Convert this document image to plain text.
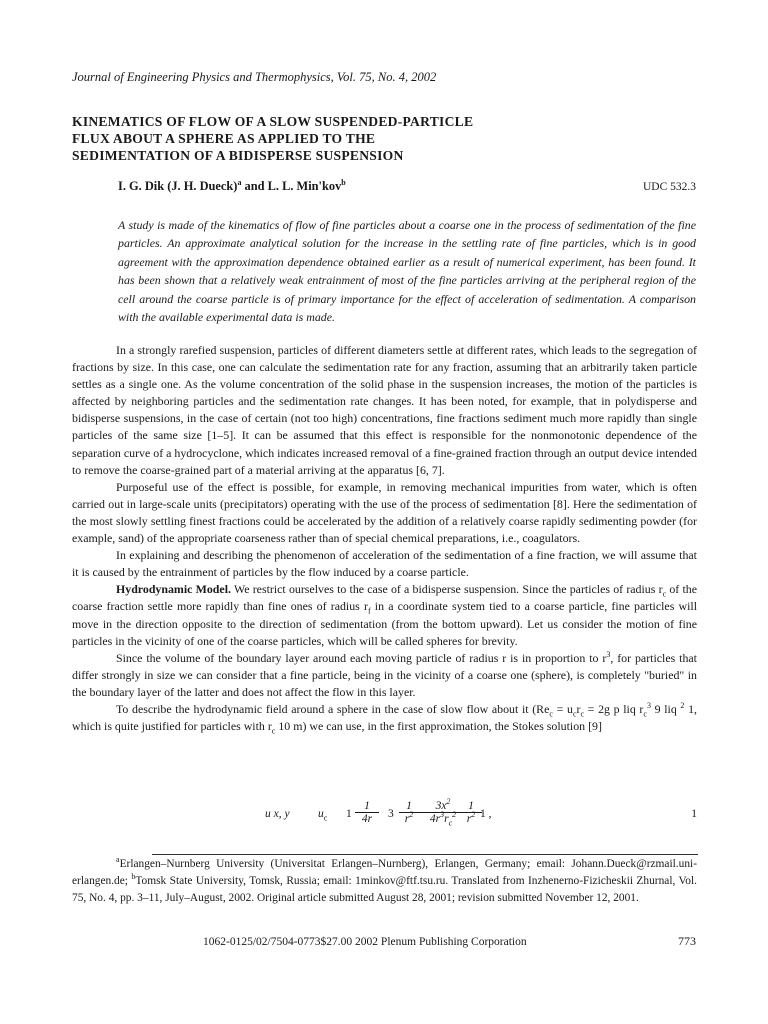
Journal of Engineering Physics and Thermophysics, Vol. 75, No. 4, 2002
KINEMATICS OF FLOW OF A SLOW SUSPENDED-PARTICLE
FLUX ABOUT A SPHERE AS APPLIED TO THE
SEDIMENTATION OF A BIDISPERSE SUSPENSION
I. G. Dik (J. H. Dueck)$^a$ and L. L. Min'kov$^b$	UDC 532.3
A study is made of the kinematics of flow of fine particles about a coarse one in the process of sedimentation of the fine particles. An approximate analytical solution for the increase in the settling rate of fine particles, which is in good agreement with the approximation dependence obtained earlier as a result of numerical experiment, has been found. It has been shown that a relatively weak entrainment of most of the fine particles arriving at the peripheral region of the cell around the coarse particle is of primary importance for the effect of acceleration of sedimentation. A comparison with the available experimental data is made.

In a strongly rarefied suspension, particles of different diameters settle at different rates, which leads to the segregation of fractions by size. In this case, one can calculate the sedimentation rate for any fraction, assuming that an arbitrarily taken particle settles as a single one. As the volume concentration of the solid phase in the suspension increases, the motion of the particles is affected by neighboring particles and the sedimentation rate changes. It has been noted, for example, that in polydisperse and bidisperse suspensions, in the case of certain (not too high) concentrations, fine fractions sediment much more rapidly than single particles of the same size [1–5]. It can be assumed that this effect is responsible for the nonmonotonic dependence of the separation curve of a hydrocyclone, which indicates increased removal of a fine-grained fraction through an output device intended to remove the coarse-grained part of a material arriving at the apparatus [6, 7].

Purposeful use of the effect is possible, for example, in removing mechanical impurities from water, which is often carried out in large-scale units (precipitators) operating with the use of the process of sedimentation [8]. Here the sedimentation of the most slowly settling finest fractions could be accelerated by the addition of a relatively coarse rapidly sedimenting powder (for example, sand) of the appropriate coarseness rather than of special chemical preparations, i.e., coagulators.

In explaining and describing the phenomenon of acceleration of the sedimentation of a fine fraction, we will assume that it is caused by the entrainment of particles by the flow induced by a coarse particle.

Hydrodynamic Model. We restrict ourselves to the case of a bidisperse suspension. Since the particles of radius $r_c$ of the coarse fraction settle more rapidly than fine ones of radius $r_f$ in a coordinate system tied to a coarse particle, fine particles will move in the direction opposite to the direction of sedimentation (from the bottom upward). Let us consider the motion of fine particles in the vicinity of one of the coarse particles, which will be called spheres for brevity.

Since the volume of the boundary layer around each moving particle of radius r is in proportion to $r^3$, for particles that differ strongly in size we can consider that a fine particle, being in the vicinity of a coarse one (sphere), is completely "buried" in the boundary layer of the latter and does not affect the flow in this layer.

To describe the hydrodynamic field around a sphere in the case of slow flow about it ($Re_c = u_cr_c = 2g$ p liq $r_c^3$ 9 liq $^2$ 1, which is quite justified for particles with $r_c$ 10 m) we can use, in the first approximation, the Stokes solution [9]

u x, y $u_c$ $1 \frac{1}{4r} 3 \frac{1}{r^2} \frac{3x^2}{4r^3r_c^2}$
$\frac{1}{r^2}$
1 ,	1

$^a$Erlangen–Nurnberg University (Universitat Erlangen–Nurnberg), Erlangen, Germany; email: Johann.Dueck@rzmail.uni-erlangen.de; $^b$Tomsk State University, Tomsk, Russia; email: 1minkov@ftf.tsu.ru. Translated from Inzhenerno-Fizicheskii Zhurnal, Vol. 75, No. 4, pp. 3–11, July–August, 2002. Original article submitted August 28, 2001; revision submitted November 12, 2001.

1062-0125/02/7504-0773$27.00 2002 Plenum Publishing Corporation	773
